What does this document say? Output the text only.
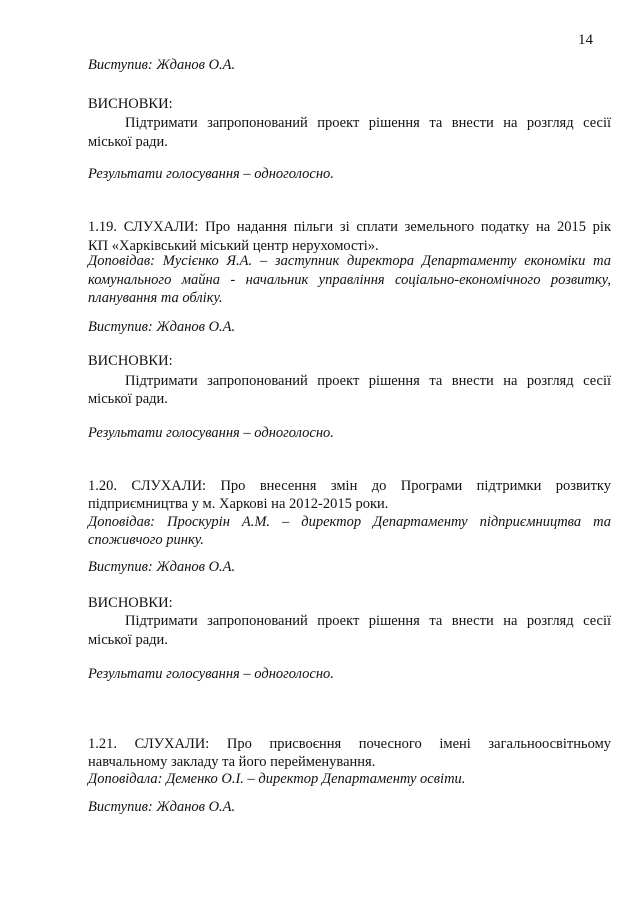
14
Виступив: Жданов О.А.
ВИСНОВКИ:
Підтримати запропонований проект рішення та внести на розгляд сесії
міської ради.
Результати голосування – одноголосно.
1.19. СЛУХАЛИ: Про надання пільги зі сплати земельного податку на 2015 рік
КП «Харківський міський центр нерухомості».
Доповідав: Мусієнко Я.А. – заступник директора Департаменту економіки та
комунального майна - начальник управління соціально-економічного розвитку,
планування та обліку.
Виступив: Жданов О.А.
ВИСНОВКИ:
Підтримати запропонований проект рішення та внести на розгляд сесії
міської ради.
Результати голосування – одноголосно.
1.20. СЛУХАЛИ: Про внесення змін до Програми підтримки розвитку
підприємництва у м. Харкові на 2012-2015 роки.
Доповідав: Проскурін А.М. – директор Департаменту підприємництва та
споживчого ринку.
Виступив: Жданов О.А.
ВИСНОВКИ:
Підтримати запропонований проект рішення та внести на розгляд сесії
міської ради.
Результати голосування – одноголосно.
1.21. СЛУХАЛИ: Про присвоєння почесного імені загальноосвітньому
навчальному закладу та його перейменування.
Доповідала: Деменко О.І. – директор Департаменту освіти.
Виступив: Жданов О.А.
